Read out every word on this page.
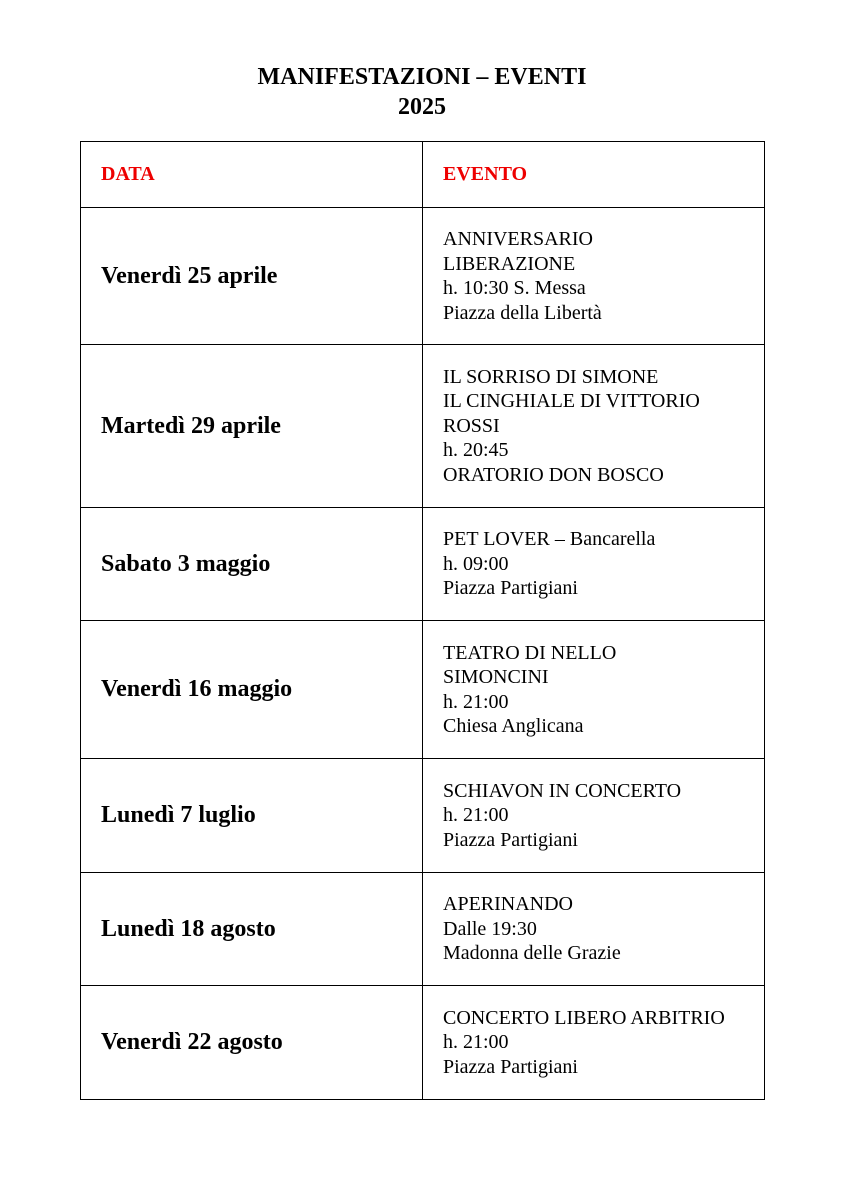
MANIFESTAZIONI – EVENTI
2025
DATA	EVENTO
Venerdì 25 aprile	ANNIVERSARIO
LIBERAZIONE
h. 10:30 S. Messa
Piazza della Libertà

Martedì 29 aprile	IL SORRISO DI SIMONE
IL CINGHIALE DI VITTORIO
ROSSI
h. 20:45
ORATORIO DON BOSCO

Sabato 3 maggio	PET LOVER – Bancarella
h. 09:00
Piazza Partigiani

Venerdì 16 maggio	TEATRO DI NELLO
SIMONCINI
h. 21:00
Chiesa Anglicana

Lunedì 7 luglio	SCHIAVON IN CONCERTO
h. 21:00
Piazza Partigiani

Lunedì 18 agosto	APERINANDO
Dalle 19:30
Madonna delle Grazie

Venerdì 22 agosto	CONCERTO LIBERO ARBITRIO
h. 21:00
Piazza Partigiani
